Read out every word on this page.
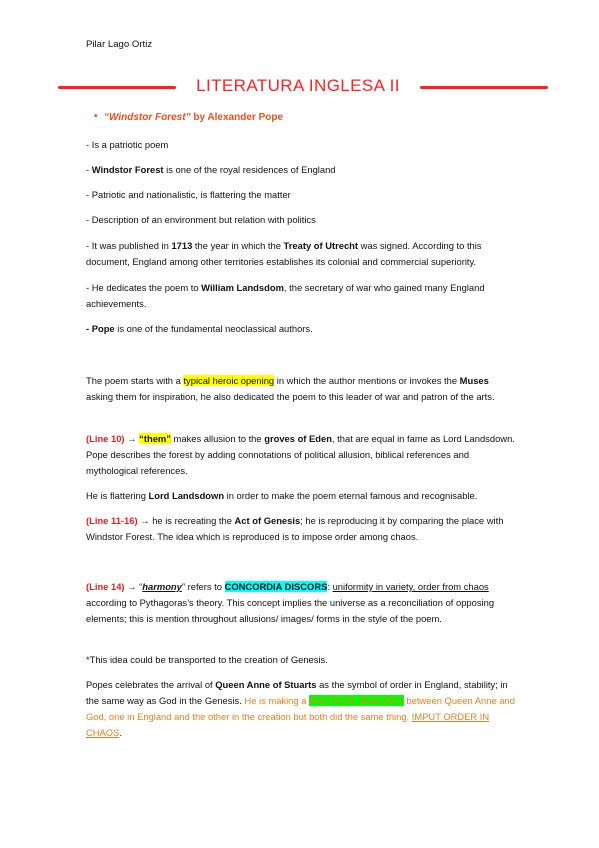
Pilar Lago Ortiz
LITERATURA INGLESA II
• “Windstor Forest” by Alexander Pope
- Is a patriotic poem
- Windstor Forest is one of the royal residences of England
- Patriotic and nationalistic, is flattering the matter
- Description of an environment but relation with politics
- It was published in 1713 the year in which the Treaty of Utrecht was signed. According to this document, England among other territories establishes its colonial and commercial superiority.
- He dedicates the poem to William Landsdom, the secretary of war who gained many England achievements.
- Pope is one of the fundamental neoclassical authors.
The poem starts with a typical heroic opening in which the author mentions or invokes the Muses asking them for inspiration, he also dedicated the poem to this leader of war and patron of the arts.
(Line 10) → “them” makes allusion to the groves of Eden, that are equal in fame as Lord Landsdown. Pope describes the forest by adding connotations of political allusion, biblical references and mythological references.
He is flattering Lord Landsdown in order to make the poem eternal famous and recognisable.
(Line 11-16) → he is recreating the Act of Genesis; he is reproducing it by comparing the place with Windstor Forest. The idea which is reproduced is to impose order among chaos.
(Line 14) → “harmony” refers to CONCORDIA DISCORS: uniformity in variety, order from chaos according to Pythagoras’s theory. This concept implies the universe as a reconciliation of opposing elements; this is mention throughout allusions/ images/ forms in the style of the poem.
*This idea could be transported to the creation of Genesis.
Popes celebrates the arrival of Queen Anne of Stuarts as the symbol of order in England, stability; in the same way as God in the Genesis. He is making a POLITICAL ANALOGY between Queen Anne and God, one in England and the other in the creation but both did the same thing, IMPUT ORDER IN CHAOS.
